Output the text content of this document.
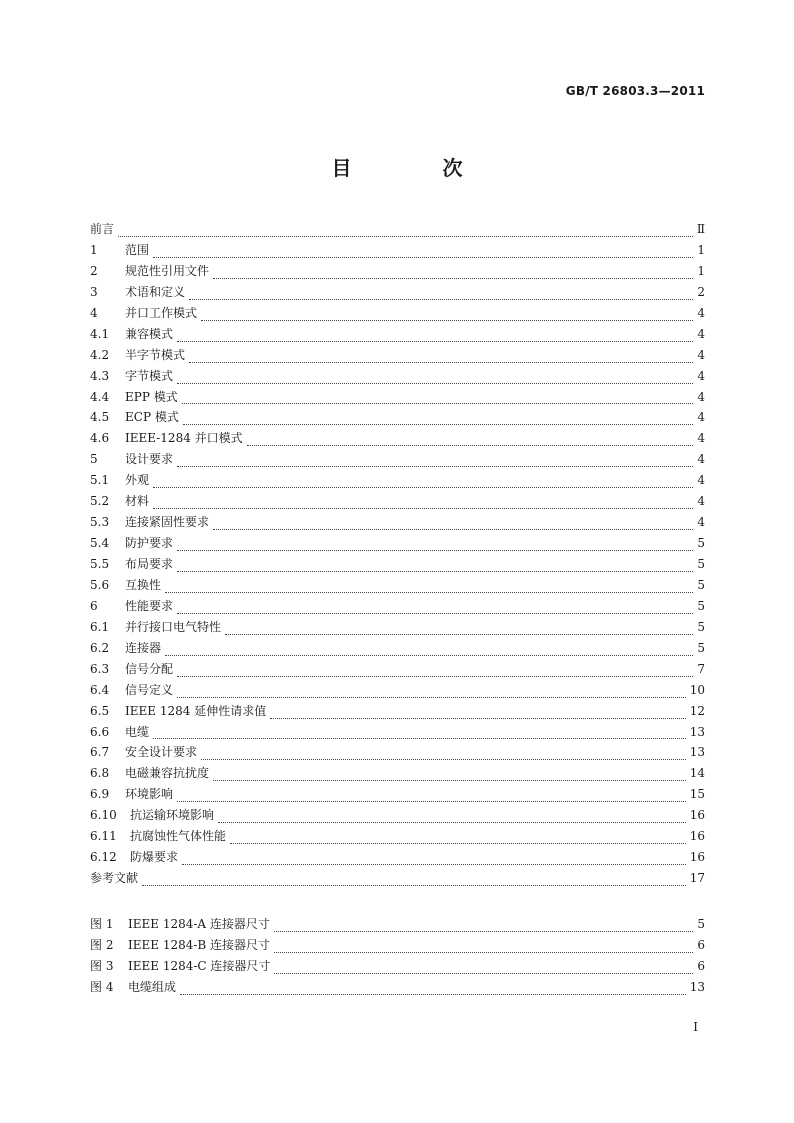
GB/T 26803.3—2011
目 次
前言	Ⅱ
1	范围	1
2	规范性引用文件	1
3	术语和定义	2
4	并口工作模式	4
4.1	兼容模式	4
4.2	半字节模式	4
4.3	字节模式	4
4.4	EPP 模式	4
4.5	ECP 模式	4
4.6	IEEE-1284 并口模式	4
5	设计要求	4
5.1	外观	4
5.2	材料	4
5.3	连接紧固性要求	4
5.4	防护要求	5
5.5	布局要求	5
5.6	互换性	5
6	性能要求	5
6.1	并行接口电气特性	5
6.2	连接器	5
6.3	信号分配	7
6.4	信号定义	10
6.5	IEEE 1284 延伸性请求值	12
6.6	电缆	13
6.7	安全设计要求	13
6.8	电磁兼容抗扰度	14
6.9	环境影响	15
6.10	抗运输环境影响	16
6.11	抗腐蚀性气体性能	16
6.12	防爆要求	16
参考文献	17
图 1	IEEE 1284-A 连接器尺寸	5
图 2	IEEE 1284-B 连接器尺寸	6
图 3	IEEE 1284-C 连接器尺寸	6
图 4	电缆组成	13
I
